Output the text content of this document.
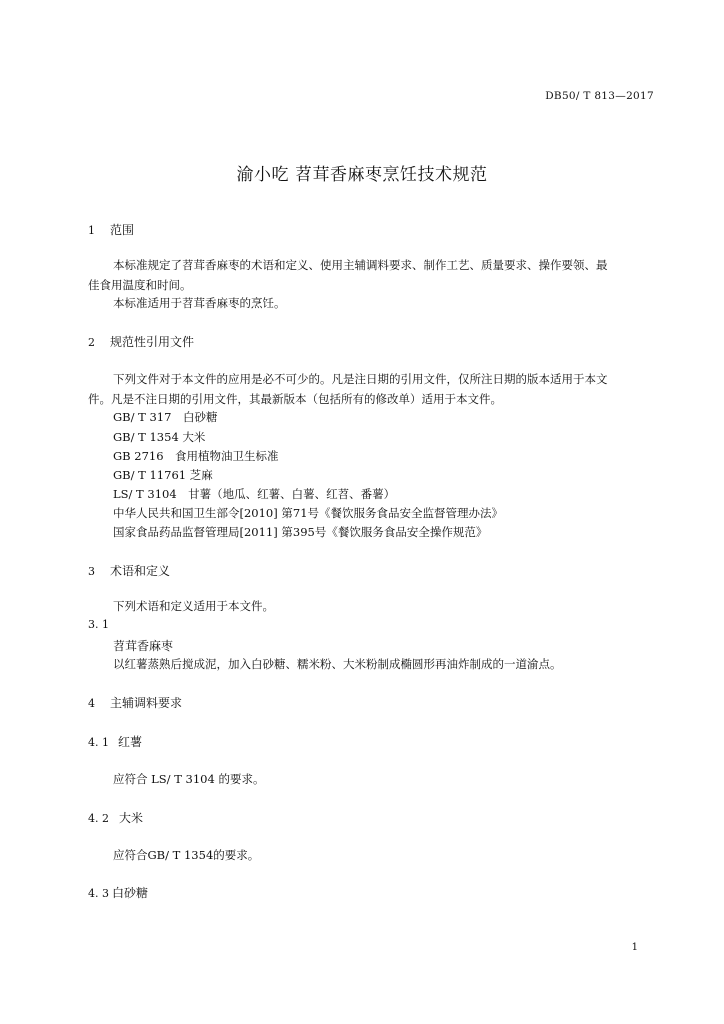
DB50/ T 813—2017
渝小吃 苕茸香麻枣烹饪技术规范
1 范围
本标准规定了苕茸香麻枣的术语和定义、使用主辅调料要求、制作工艺、质量要求、操作要领、最
佳食用温度和时间。
本标准适用于苕茸香麻枣的烹饪。
2 规范性引用文件
下列文件对于本文件的应用是必不可少的。凡是注日期的引用文件，仅所注日期的版本适用于本文
件。凡是不注日期的引用文件，其最新版本（包括所有的修改单）适用于本文件。
GB/ T 317　白砂糖
GB/ T 1354 大米
GB 2716　食用植物油卫生标准
GB/ T 11761 芝麻
LS/ T 3104　甘薯（地瓜、红薯、白薯、红苕、番薯）
中华人民共和国卫生部令[2010] 第71号《餐饮服务食品安全监督管理办法》
国家食品药品监督管理局[2011] 第395号《餐饮服务食品安全操作规范》
3 术语和定义
下列术语和定义适用于本文件。
3. 1
苕茸香麻枣
以红薯蒸熟后搅成泥，加入白砂糖、糯米粉、大米粉制成椭圆形再油炸制成的一道渝点。
4 主辅调料要求
4. 1 红薯
应符合 LS/ T 3104 的要求。
4. 2 大米
应符合GB/ T 1354的要求。
4. 3 白砂糖
1
